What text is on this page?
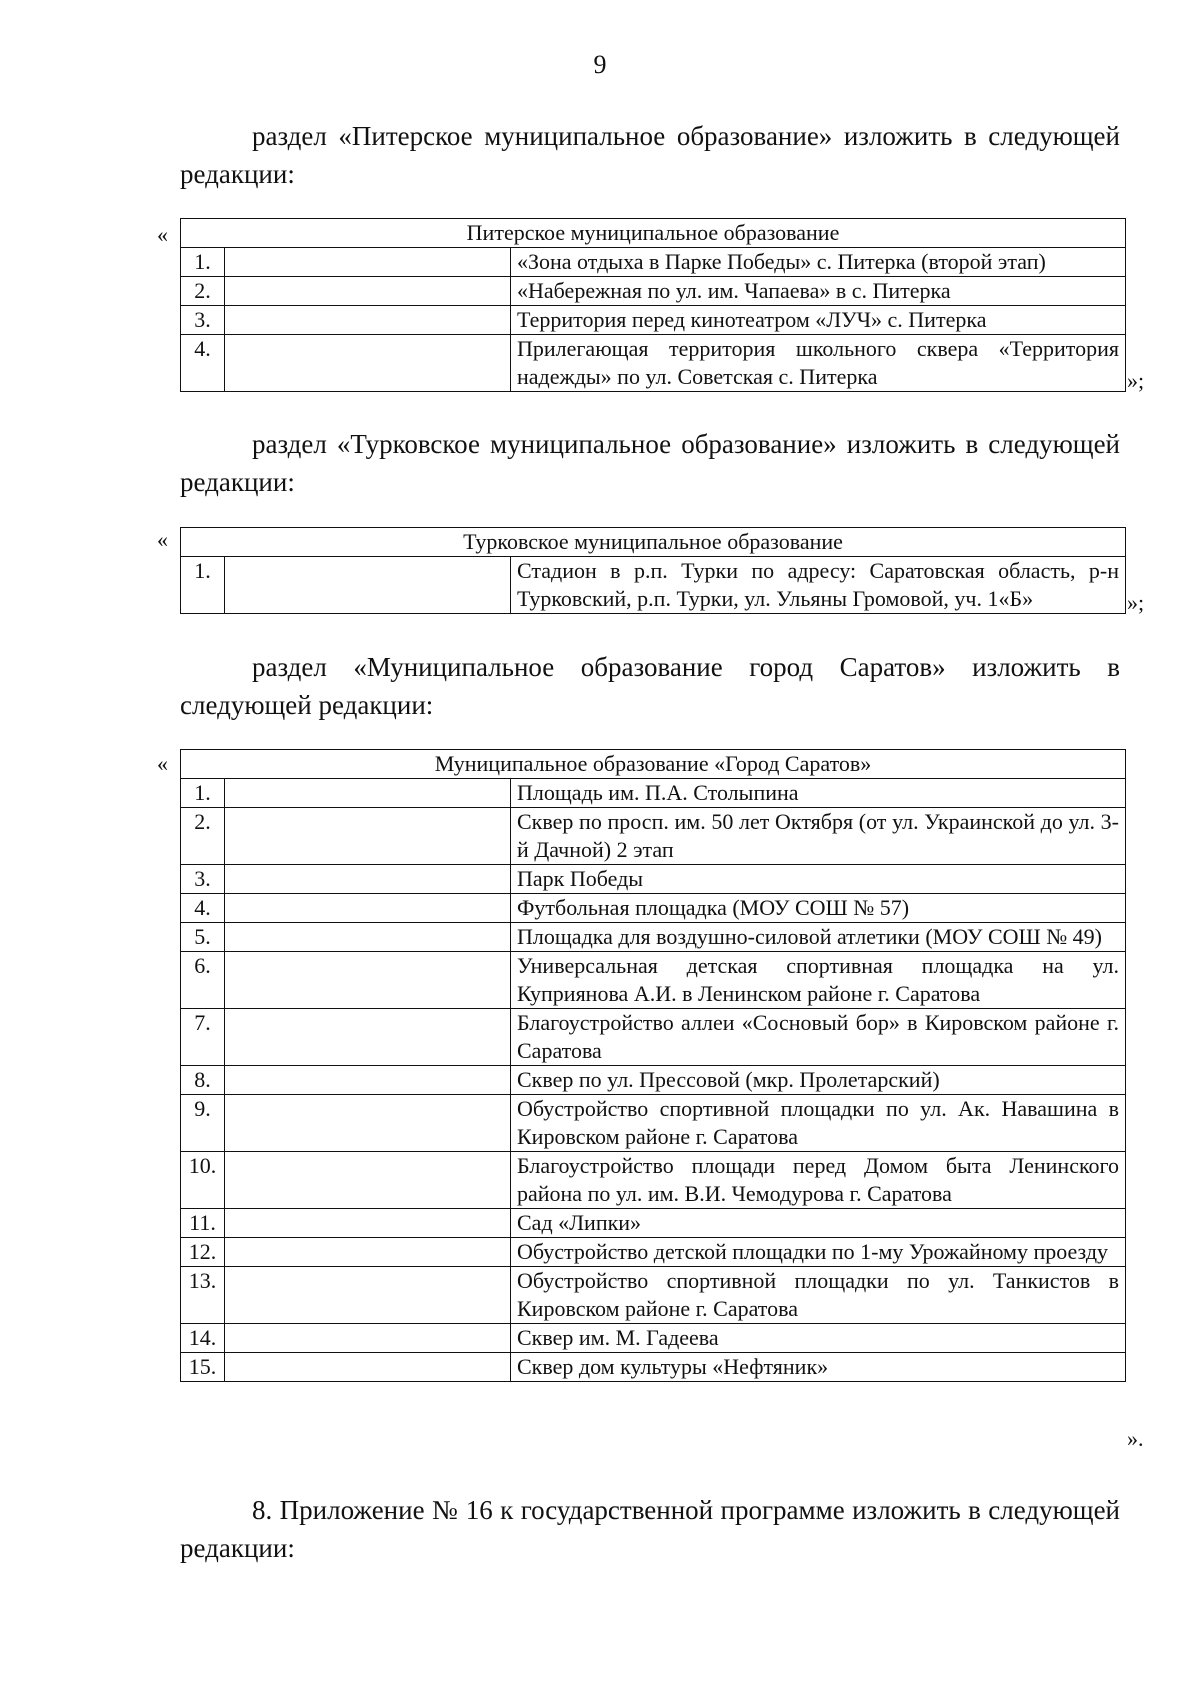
9
раздел «Питерское муниципальное образование» изложить в следующей редакции:
«	Питерское муниципальное образование		
1.		«Зона отдыха в Парке Победы» с. Питерка (второй этап)
2.		«Набережная по ул. им. Чапаева» в с. Питерка
3.		Территория перед кинотеатром «ЛУЧ» с. Питерка
4.		Прилегающая территория школьного сквера «Территория надежды» по ул. Советская с. Питерка	»;
раздел «Турковское муниципальное образование» изложить в следующей редакции:
«	Турковское муниципальное образование
1.		Стадион в р.п. Турки по адресу: Саратовская область, р-н Турковский, р.п. Турки, ул. Ульяны Громовой, уч. 1«Б»	»;
раздел «Муниципальное образование город Саратов» изложить в следующей редакции:
«	Муниципальное образование «Город Саратов»		
1.		Площадь им. П.А. Столыпина
2.		Сквер по просп. им. 50 лет Октября (от ул. Украинской до ул. 3-й Дачной) 2 этап
3.		Парк Победы
4.		Футбольная площадка (МОУ СОШ № 57)
5.		Площадка для воздушно-силовой атлетики (МОУ СОШ № 49)
6.		Универсальная детская спортивная площадка на ул. Куприянова А.И. в Ленинском районе г. Саратова
7.		Благоустройство аллеи «Сосновый бор» в Кировском районе г. Саратова
8.		Сквер по ул. Прессовой (мкр. Пролетарский)
9.		Обустройство спортивной площадки по ул. Ак. Навашина в Кировском районе г. Саратова
10.		Благоустройство площади перед Домом быта Ленинского района по ул. им. В.И. Чемодурова г. Саратова
11.		Сад «Липки»
12.		Обустройство детской площадки по 1-му Урожайному проезду
13.		Обустройство спортивной площадки по ул. Танкистов в Кировском районе г. Саратова
14.		Сквер им. М. Гадеева
15.		Сквер дом культуры «Нефтяник»
».
8. Приложение № 16 к государственной программе изложить в следующей редакции:
